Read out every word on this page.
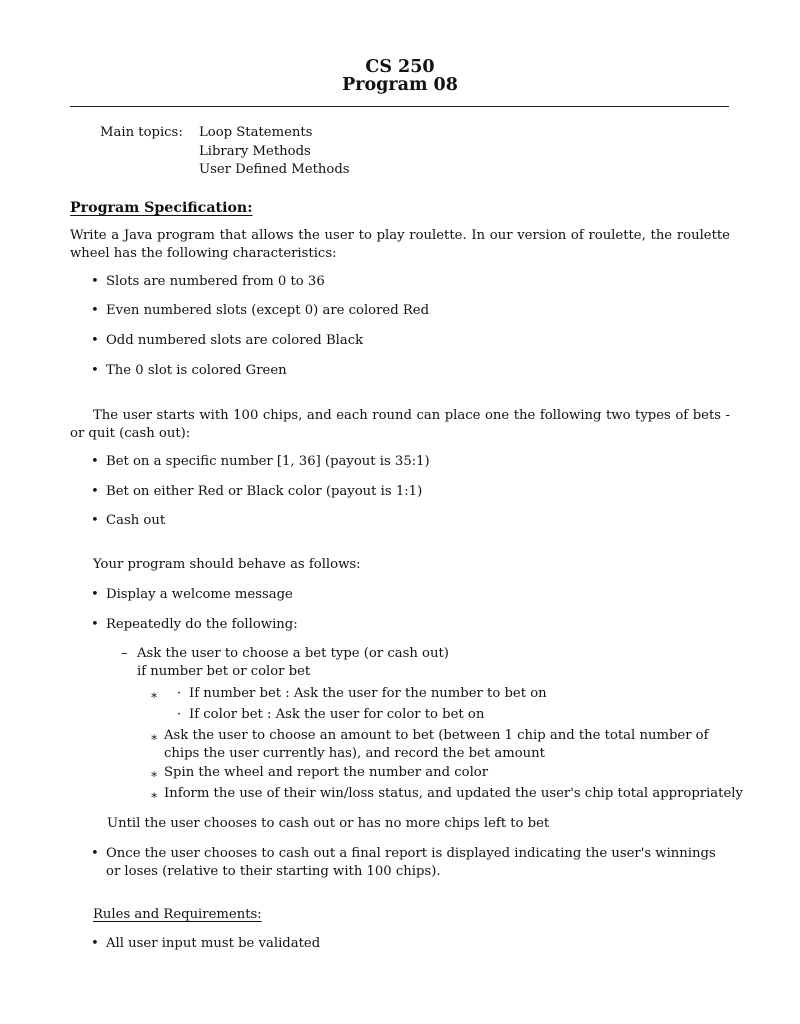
CS 250
Program 08
Main topics: Loop Statements
Library Methods
User Defined Methods
Program Specification:
Write a Java program that allows the user to play roulette. In our version of roulette, the roulette wheel has the following characteristics:
• Slots are numbered from 0 to 36
• Even numbered slots (except 0) are colored Red
• Odd numbered slots are colored Black
• The 0 slot is colored Green
The user starts with 100 chips, and each round can place one the following two types of bets - or quit (cash out):
• Bet on a specific number [1, 36] (payout is 35:1)
• Bet on either Red or Black color (payout is 1:1)
• Cash out
Your program should behave as follows:
• Display a welcome message
• Repeatedly do the following:
– Ask the user to choose a bet type (or cash out)
if number bet or color bet
∗ · If number bet : Ask the user for the number to bet on
· If color bet : Ask the user for color to bet on
∗ Ask the user to choose an amount to bet (between 1 chip and the total number of chips the user currently has), and record the bet amount
∗ Spin the wheel and report the number and color
∗ Inform the use of their win/loss status, and updated the user's chip total appropriately
Until the user chooses to cash out or has no more chips left to bet
• Once the user chooses to cash out a final report is displayed indicating the user's winnings or loses (relative to their starting with 100 chips).
Rules and Requirements:
• All user input must be validated
